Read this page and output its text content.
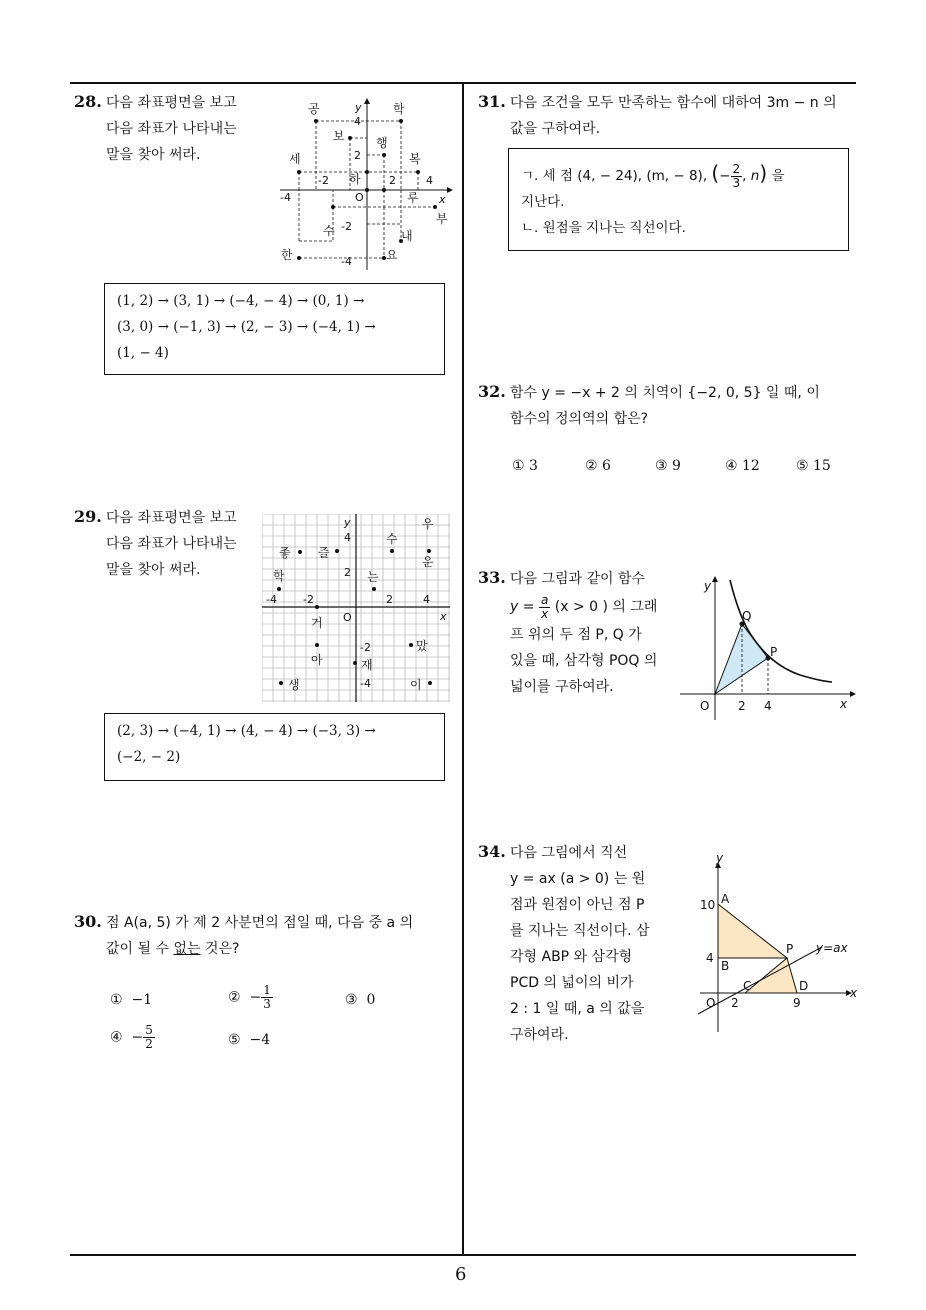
6
28. 다음 좌표평면을 보고
다음 좌표가 나타내는
말을 찾아 써라.
공	학
보	행
세	복
하
루
부
수	내
한	요
y
x
O
4
2
-2	2	4
-4
-2
-4
(1, 2) → (3, 1) → (−4, − 4) → (0, 1) →
(3, 0) → (−1, 3) → (2, − 3) → (−4, 1) →
(1, − 4)
29. 다음 좌표평면을 보고
다음 좌표가 나타내는
말을 찾아 써라.
우
수
좋 즐
운
학	는
거
아	재
맜
생	이
y
x
O
4
2
-4 -2	2	4
-2
-4
(2, 3) → (−4, 1) → (4, − 4) → (−3, 3) →
(−2, − 2)
30. 점 A(a, 5) 가 제 2 사분면의 점일 때, 다음 중 a 의
값이 될 수 없는 것은?
① −1	② − $\frac{1}{3}$	③ 0
④ − $\frac{5}{2}$	⑤ −4
31. 다음 조건을 모두 만족하는 함수에 대하여 3m − n 의
값을 구하여라.
ㄱ. 세 점 (4, − 24), (m, − 8), (− $\frac{2}{3}$ , n) 을
지난다.
ㄴ. 원점을 지나는 직선이다.
32. 함수 y = −x + 2 의 치역이 {−2, 0, 5} 일 때, 이
함수의 정의역의 합은?
① 3	② 6	③ 9	④ 12	⑤ 15
33. 다음 그림과 같이 함수
$y = \frac{a}{x} (x > 0$ ) 의 그래
프 위의 두 점 P, Q 가
있을 때, 삼각형 POQ 의
넓이를 구하여라.
y
x
O
Q
P
2 4
34. 다음 그림에서 직선
y = ax (a > 0) 는 원
점과 원점이 아닌 점 P
를 지나는 직선이다. 삼
각형 ABP 와 삼각형
PCD 의 넓이의 비가
2 : 1 일 때, a 의 값을
구하여라.
y
x
O
A
B
C	D
P y=ax
10
4
2	9
